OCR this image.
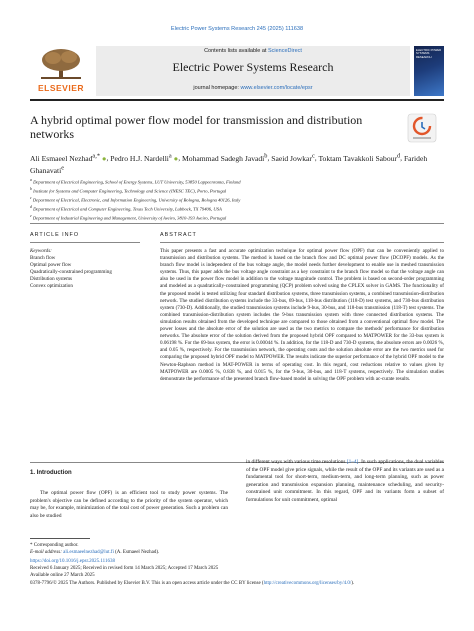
Electric Power Systems Research 245 (2025) 111638
ELSEVIER
Contents lists available at ScienceDirect
Electric Power Systems Research
journal homepage: www.elsevier.com/locate/epsr
ELECTRIC POWER SYSTEMS RESEARCH
A hybrid optimal power flow model for transmission and distribution networks
Ali Esmaeel Nezhad$^{a,*}$ ●, Pedro H.J. Nardelli$^a$ ●, Mohammad Sadegh Javadi$^b$, Saeid Jowkar$^c$, Toktam Tavakkoli Sabour$^d$, Farideh Ghanavati$^e$
$^a$ Department of Electrical Engineering, School of Energy Systems, LUT University, 53850 Lappeenranta, Finland
$^b$ Institute for Systems and Computer Engineering, Technology and Science (INESC TEC), Porto, Portugal
$^c$ Department of Electrical, Electronic, and Information Engineering, University of Bologna, Bologna 40126, Italy
$^d$ Department of Electrical and Computer Engineering, Texas Tech University, Lubbock, TX 79406, USA
$^e$ Department of Industrial Engineering and Management, University of Aveiro, 3810-193 Aveiro, Portugal
ARTICLE INFO	ABSTRACT
Keywords:
Branch flow
Optimal power flow
Quadratically-constrained programming
Distribution systems
Convex optimization
This paper presents a fast and accurate optimization technique for optimal power flow (OPF) that can be conveniently applied to transmission and distribution systems. The method is based on the branch flow and DC optimal power flow (DCOPF) models. As the branch flow model is independent of the bus voltage angle, the model needs further development to enable use in meshed transmission systems. Thus, this paper adds the bus voltage angle constraint as a key constraint to the branch flow model so that the voltage angle can also be used in the power flow model in addition to the voltage magnitude control. The problem is based on second-order programming and modeled as a quadratically-constrained programming (QCP) problem solved using the CPLEX solver in GAMS. The functionality of the proposed model is tested utilizing four standard distribution systems, three transmission systems, a combined transmission-distribution network. The studied distribution systems include the 33-bus, 69-bus, 118-bus distribution (118-D) test systems, and 730-bus distribution system (730-D). Additionally, the studied transmission systems include 9-bus, 30-bus, and 118-bus transmission (118-T) test systems. The combined transmission-distribution system includes the 9-bus transmission system with three connected distribution systems. The simulation results obtained from the developed technique are compared to those obtained from a conventional optimal flow model. The power losses and the absolute error of the solution are used as the two metrics to compare the methods' performance for distribution networks. The absolute error of the solution derived from the proposed hybrid OPF compared to MATPOWER for the 33-bus system is 0.06198 %. For the 69-bus system, the error is 0.00044 %. In addition, for the 118-D and 730-D systems, the absolute errors are 0.0026 %, and 0.05 %, respectively. For the transmission network, the operating costs and the solution absolute error are the two metrics used for comparing the proposed hybrid OPF model to MATPOWER. The results indicate the superior performance of the hybrid OPF model to the Newton-Raphson method in MAT-POWER in terms of operating cost. In this regard, cost reductions relative to values given by MATPOWER are 0.0005 %, 0.838 %, and 0.015 %, for the 9-bus, 30-bus, and 118-T systems, respectively. The simulation studies demonstrate the performance of the presented branch flow-based model in solving the OPF problem with ac-curate results.
1. Introduction
The optimal power flow (OPF) is an efficient tool to study power systems. The problem's objective can be defined according to the priority of the system operator, which may be, for example, minimization of the total cost of power generation. Such a problem can also be studied
in different ways with various time resolutions [1–4]. In such applications, the dual variables of the OPF model give price signals, while the result of the OPF and its variants are used as a fundamental tool for short-term, medium-term, and long-term planning, such as power generation and transmission expansion planning, maintenance scheduling, and security-constrained unit commitment. In this regard, OPF and its variants form a subset of formulations for unit commitment, optimal
* Corresponding author.
E-mail address: ali.esmaeelnezhad@lut.fi (A. Esmaeel Nezhad).
https://doi.org/10.1016/j.epsr.2025.111638
Received 6 January 2025; Received in revised form 14 March 2025; Accepted 17 March 2025
Available online 27 March 2025
0378-7796/© 2025 The Authors. Published by Elsevier B.V. This is an open access article under the CC BY license (http://creativecommons.org/licenses/by/4.0/).
